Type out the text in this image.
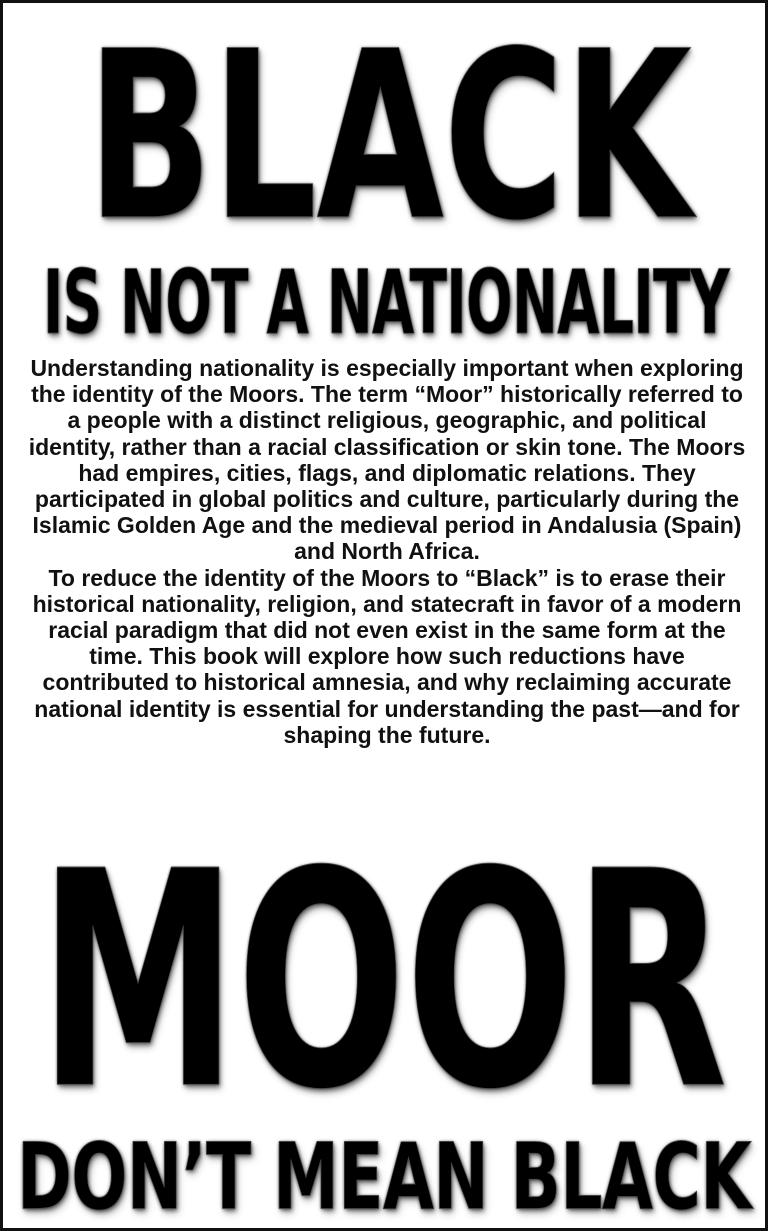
BLACK
IS NOT A NATIONALITY

Understanding nationality is especially important when exploring the identity of the Moors. The term “Moor” historically referred to a people with a distinct religious, geographic, and political identity, rather than a racial classification or skin tone. The Moors had empires, cities, flags, and diplomatic relations. They participated in global politics and culture, particularly during the Islamic Golden Age and the medieval period in Andalusia (Spain) and North Africa.

To reduce the identity of the Moors to “Black” is to erase their historical nationality, religion, and statecraft in favor of a modern racial paradigm that did not even exist in the same form at the time. This book will explore how such reductions have contributed to historical amnesia, and why reclaiming accurate national identity is essential for understanding the past—and for shaping the future.

MOOR
DON’T MEAN BLACK
